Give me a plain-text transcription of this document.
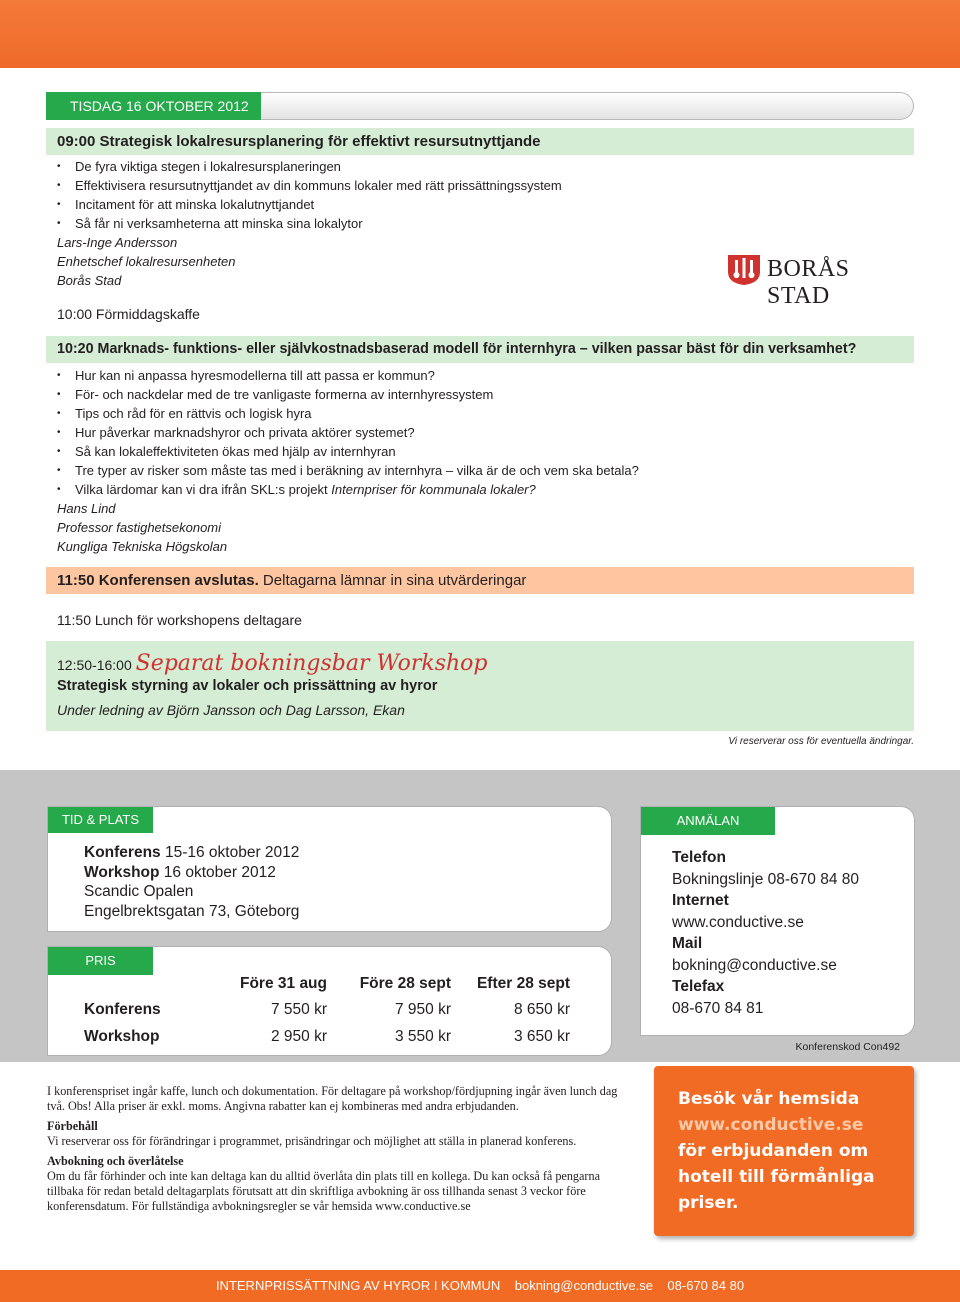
TISDAG 16 OKTOBER 2012
09:00 Strategisk lokalresursplanering för effektivt resursutnyttjande
• De fyra viktiga stegen i lokalresursplaneringen
• Effektivisera resursutnyttjandet av din kommuns lokaler med rätt prissättningssystem
• Incitament för att minska lokalutnyttjandet
• Så får ni verksamheterna att minska sina lokalytor
Lars-Inge Andersson
Enhetschef lokalresursenheten
Borås Stad	BORÅS STAD
10:00 Förmiddagskaffe
10:20 Marknads- funktions- eller självkostnadsbaserad modell för internhyra – vilken passar bäst för din verksamhet?
• Hur kan ni anpassa hyresmodellerna till att passa er kommun?
• För- och nackdelar med de tre vanligaste formerna av internhyressystem
• Tips och råd för en rättvis och logisk hyra
• Hur påverkar marknadshyror och privata aktörer systemet?
• Så kan lokaleffektiviteten ökas med hjälp av internhyran
• Tre typer av risker som måste tas med i beräkning av internhyra – vilka är de och vem ska betala?
• Vilka lärdomar kan vi dra ifrån SKL:s projekt Internpriser för kommunala lokaler?
Hans Lind
Professor fastighetsekonomi
Kungliga Tekniska Högskolan
11:50 Konferensen avslutas. Deltagarna lämnar in sina utvärderingar
11:50 Lunch för workshopens deltagare
12:50-16:00 Separat bokningsbar Workshop
Strategisk styrning av lokaler och prissättning av hyror
Under ledning av Björn Jansson och Dag Larsson, Ekan
Vi reserverar oss för eventuella ändringar.
TID & PLATS
Konferens 15-16 oktober 2012
Workshop 16 oktober 2012
Scandic Opalen
Engelbrektsgatan 73, Göteborg
PRIS
Före 31 aug	Före 28 sept	Efter 28 sept
Konferens	7 550 kr	7 950 kr	8 650 kr
Workshop	2 950 kr	3 550 kr	3 650 kr
ANMÄLAN
Telefon
Bokningslinje 08-670 84 80
Internet
www.conductive.se
Mail
bokning@conductive.se
Telefax
08-670 84 81
Konferenskod Con492

I konferenspriset ingår kaffe, lunch och dokumentation. För deltagare på workshop/fördjupning ingår även lunch dag två. Obs! Alla priser är exkl. moms. Angivna rabatter kan ej kombineras med andra erbjudanden.

Förbehåll

Vi reserverar oss för förändringar i programmet, prisändringar och möjlighet att ställa in planerad konferens.

Avbokning och överlåtelse

Om du får förhinder och inte kan deltaga kan du alltid överlåta din plats till en kollega. Du kan också få pengarna tillbaka för redan betald deltagarplats förutsatt att din skriftliga avbokning är oss tillhanda senast 3 veckor före konferensdatum. För fullständiga avbokningsregler se vår hemsida www.conductive.se

Besök vår hemsida
www.conductive.se
för erbjudanden om
hotell till förmånliga
priser.
INTERNPRISSÄTTNING AV HYROR I KOMMUN bokning@conductive.se 08-670 84 80
